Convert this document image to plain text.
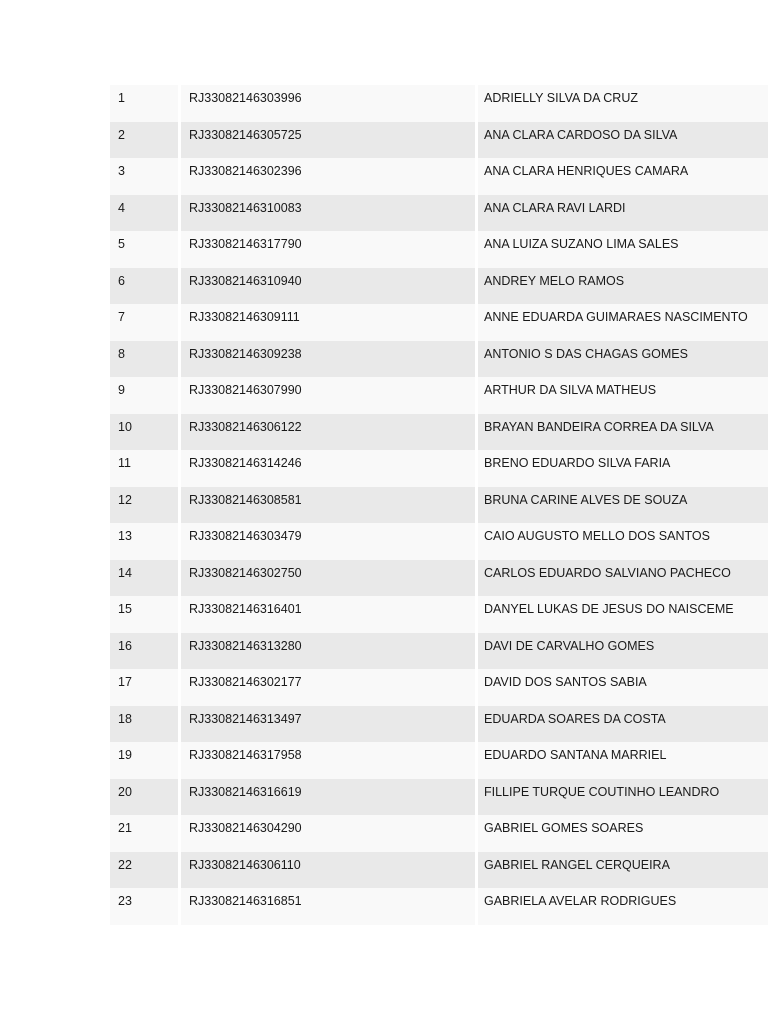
1	RJ33082146303996	ADRIELLY SILVA DA CRUZ
2	RJ33082146305725	ANA CLARA CARDOSO DA SILVA
3	RJ33082146302396	ANA CLARA HENRIQUES CAMARA
4	RJ33082146310083	ANA CLARA RAVI LARDI
5	RJ33082146317790	ANA LUIZA SUZANO LIMA SALES
6	RJ33082146310940	ANDREY MELO RAMOS
7	RJ33082146309111	ANNE EDUARDA GUIMARAES NASCIMENTO
8	RJ33082146309238	ANTONIO S DAS CHAGAS GOMES
9	RJ33082146307990	ARTHUR DA SILVA MATHEUS
10	RJ33082146306122	BRAYAN BANDEIRA CORREA DA SILVA
11	RJ33082146314246	BRENO EDUARDO SILVA FARIA
12	RJ33082146308581	BRUNA CARINE ALVES DE SOUZA
13	RJ33082146303479	CAIO AUGUSTO MELLO DOS SANTOS
14	RJ33082146302750	CARLOS EDUARDO SALVIANO PACHECO
15	RJ33082146316401	DANYEL LUKAS DE JESUS DO NAISCEME
16	RJ33082146313280	DAVI DE CARVALHO GOMES
17	RJ33082146302177	DAVID DOS SANTOS SABIA
18	RJ33082146313497	EDUARDA SOARES DA COSTA
19	RJ33082146317958	EDUARDO SANTANA MARRIEL
20	RJ33082146316619	FILLIPE TURQUE COUTINHO LEANDRO
21	RJ33082146304290	GABRIEL GOMES SOARES
22	RJ33082146306110	GABRIEL RANGEL CERQUEIRA
23	RJ33082146316851	GABRIELA AVELAR RODRIGUES
